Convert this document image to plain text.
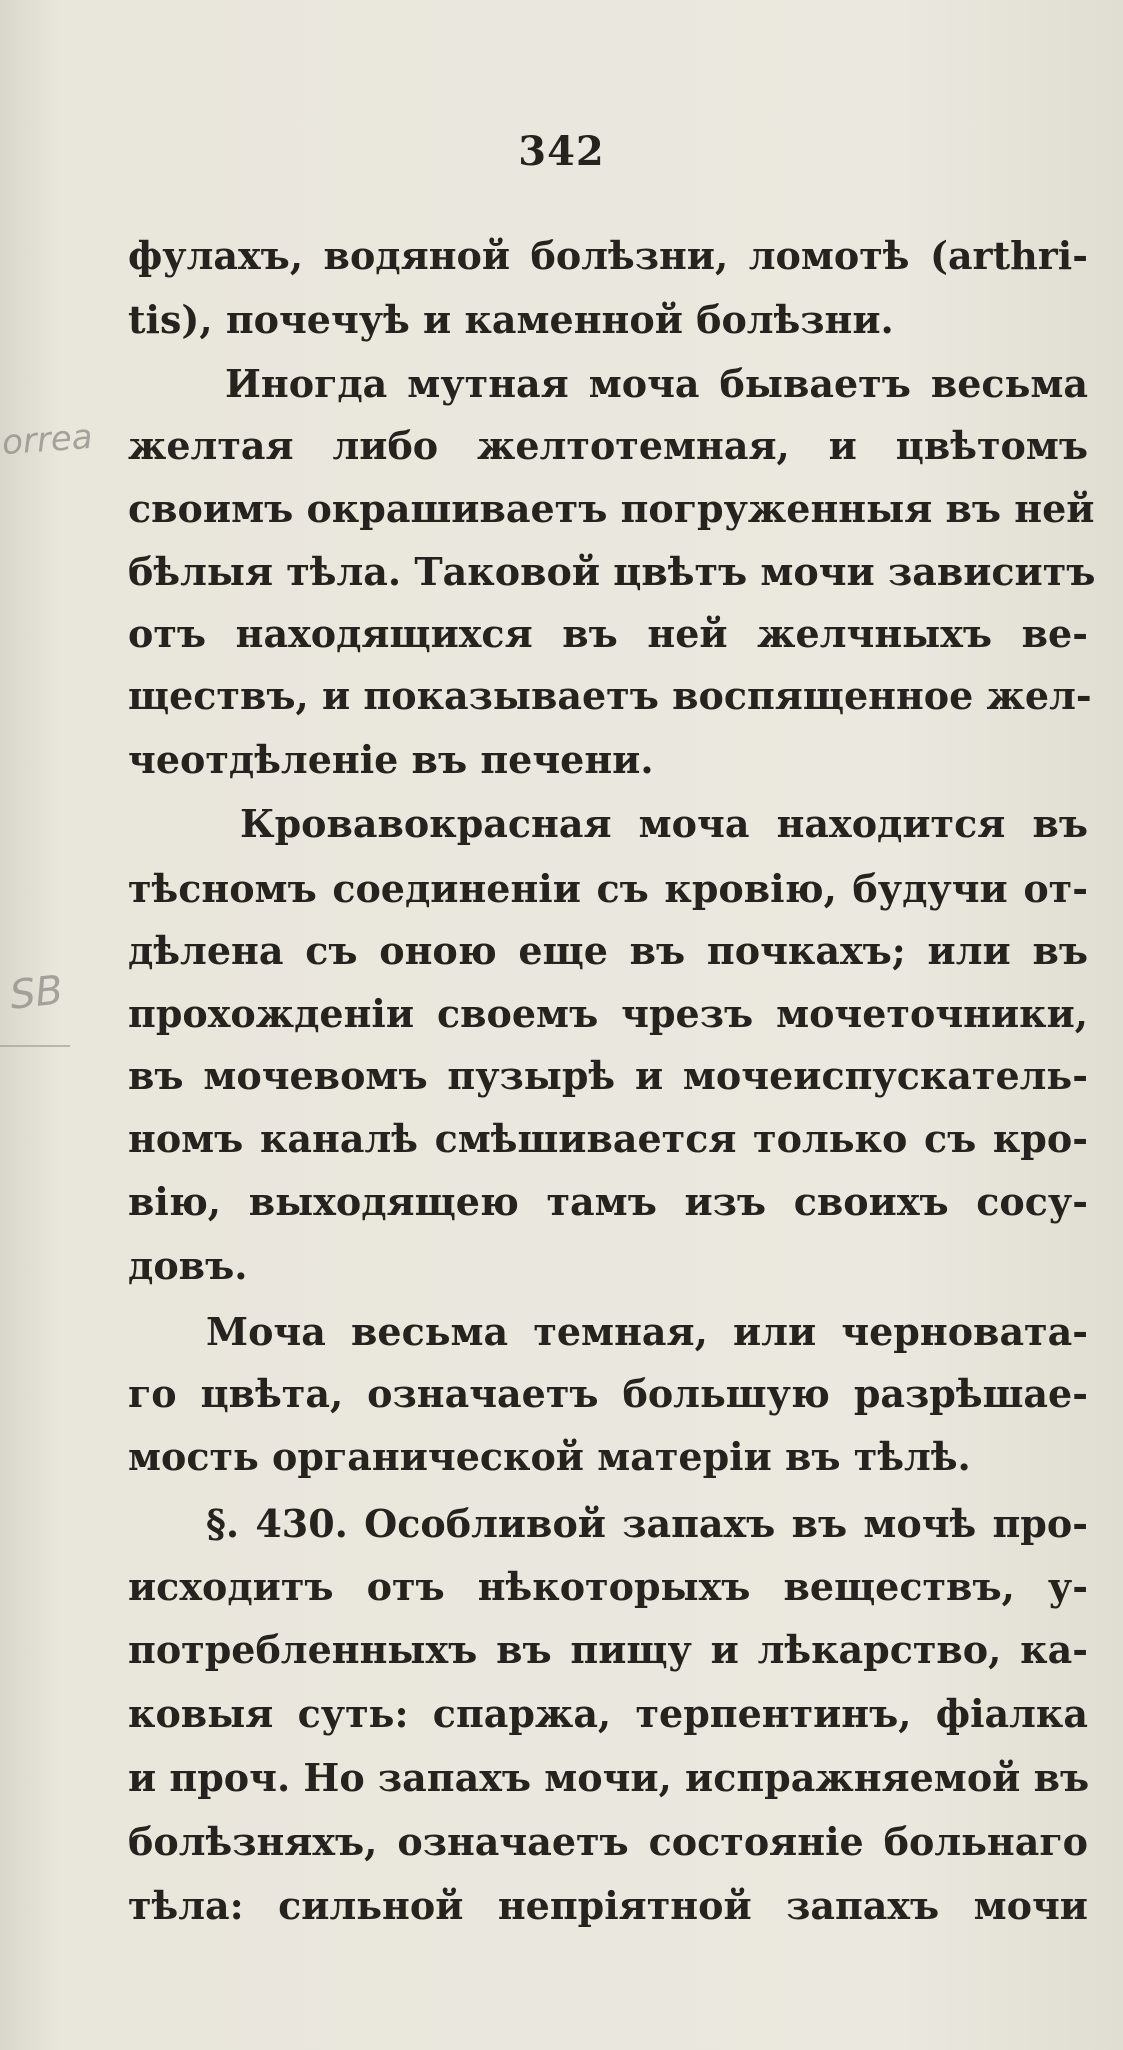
342
orrea
SB
фулахъ, водяной болѣзни, ломотѣ (arthri-
tis), почечуѣ и каменной болѣзни.
Иногда мутная моча бываетъ весьма
желтая либо желтотемная, и цвѣтомъ
своимъ окрашиваетъ погруженныя въ ней
бѣлыя тѣла. Таковой цвѣтъ мочи зависитъ
отъ находящихся въ ней желчныхъ ве-
ществъ, и показываетъ воспященное жел-
чеотдѣленіе въ печени.
Кровавокрасная моча находится въ
тѣсномъ соединеніи съ кровію, будучи от-
дѣлена съ оною еще въ почкахъ; или въ
прохожденіи своемъ чрезъ мочеточники,
въ мочевомъ пузырѣ и мочеиспускатель-
номъ каналѣ смѣшивается только съ кро-
вію, выходящею тамъ изъ своихъ сосу-
довъ.
Моча весьма темная, или черноватa-
го цвѣта, означаетъ большую разрѣшае-
мость органической матеріи въ тѣлѣ.
§. 430. Особливой запахъ въ мочѣ про-
исходитъ отъ нѣкоторыхъ веществъ, у-
потребленныхъ въ пищу и лѣкарство, ка-
ковыя суть: спаржа, терпентинъ, фіалка
и проч. Но запахъ мочи, испражняемой въ
болѣзняхъ, означаетъ состояніе больнаго
тѣла: сильной непріятной запахъ мочи
